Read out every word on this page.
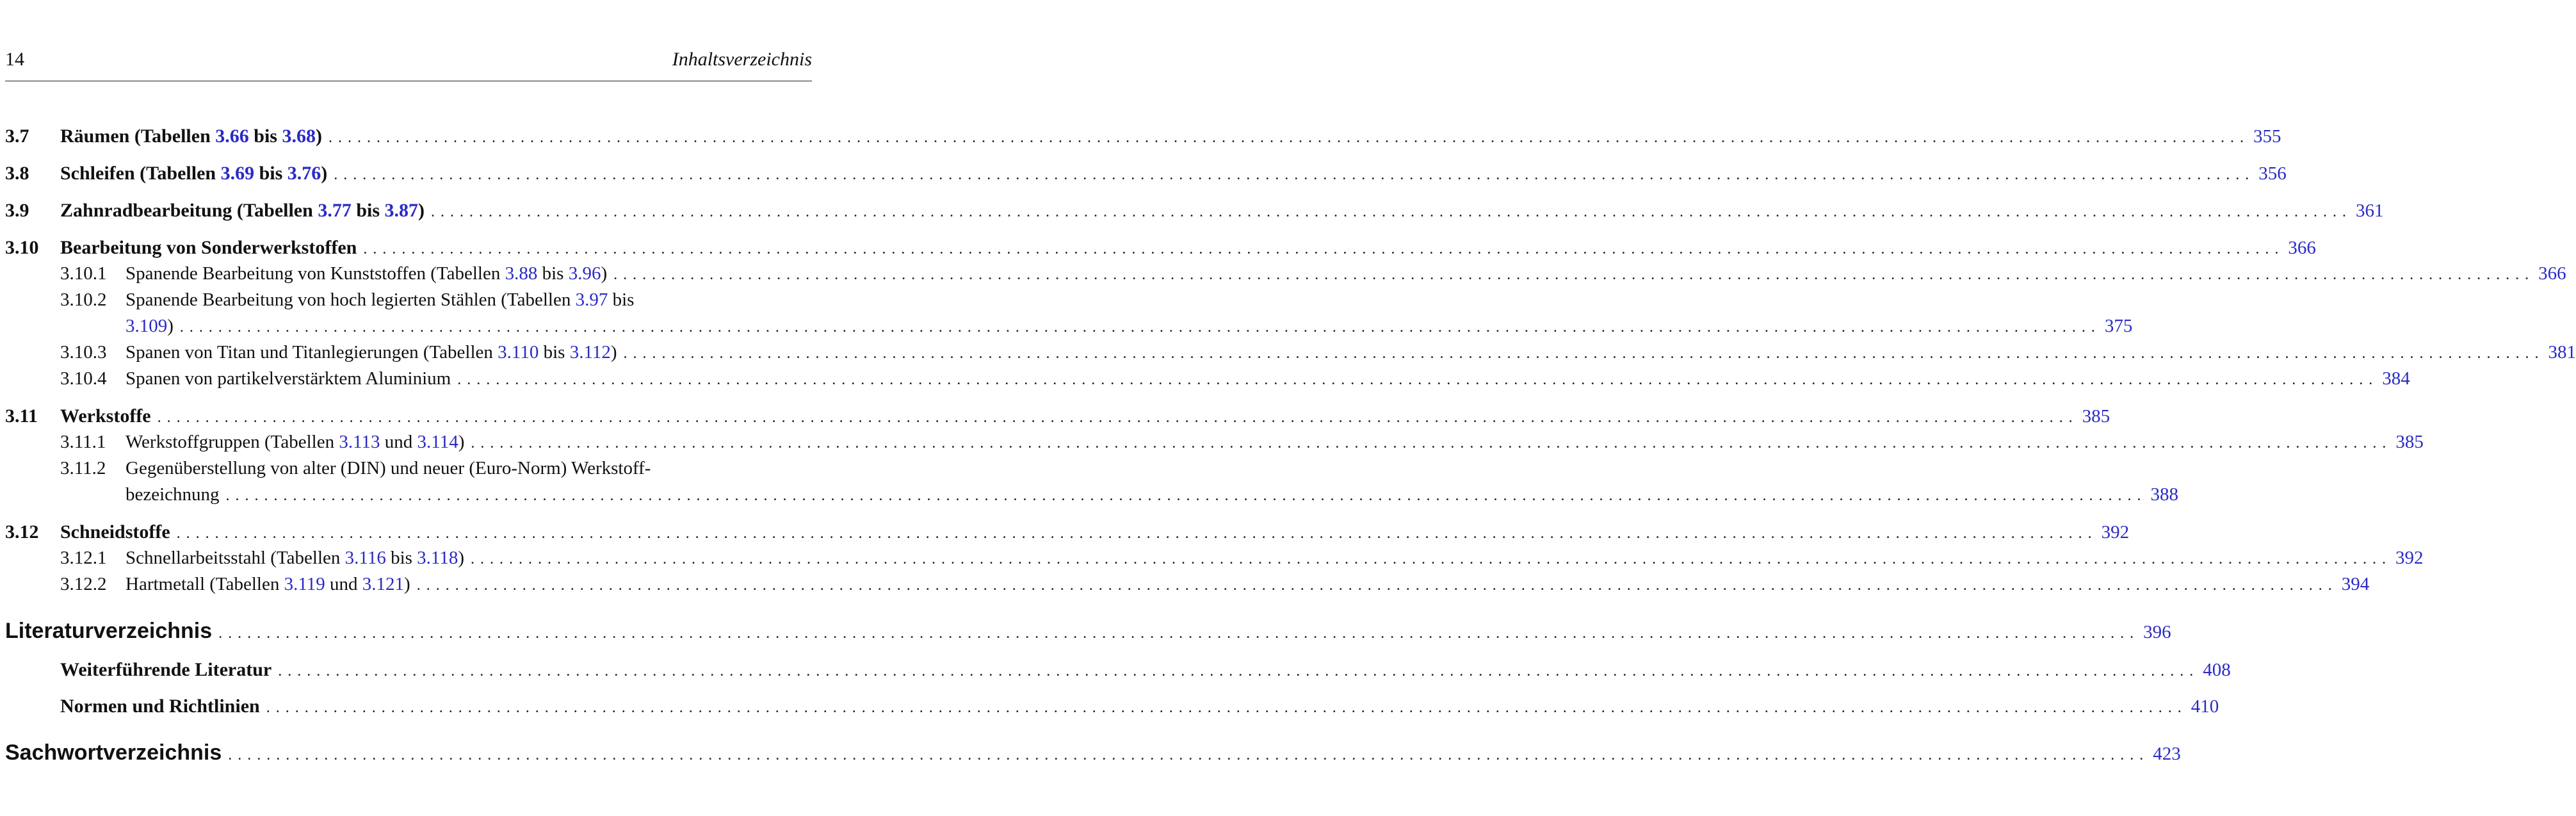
14	Inhaltsverzeichnis
3.7	Räumen (Tabellen 3.66 bis 3.68) ........................................................................................................................................................................................................ 355
3.8	Schleifen (Tabellen 3.69 bis 3.76) ........................................................................................................................................................................................................ 356
3.9	Zahnradbearbeitung (Tabellen 3.77 bis 3.87) ........................................................................................................................................................................................................ 361
3.10	Bearbeitung von Sonderwerkstoffen ........................................................................................................................................................................................................ 366
3.10.1	Spanende Bearbeitung von Kunststoffen (Tabellen 3.88 bis 3.96) ........................................................................................................................................................................................................ 366
3.10.2	Spanende Bearbeitung von hoch legierten Stählen (Tabellen 3.97 bis
3.109) ........................................................................................................................................................................................................ 375
3.10.3	Spanen von Titan und Titanlegierungen (Tabellen 3.110 bis 3.112) ........................................................................................................................................................................................................ 381
3.10.4	Spanen von partikelverstärktem Aluminium ........................................................................................................................................................................................................ 384
3.11	Werkstoffe ........................................................................................................................................................................................................ 385
3.11.1	Werkstoffgruppen (Tabellen 3.113 und 3.114) ........................................................................................................................................................................................................ 385
3.11.2	Gegenüberstellung von alter (DIN) und neuer (Euro-Norm) Werkstoff-
bezeichnung ........................................................................................................................................................................................................ 388
3.12	Schneidstoffe ........................................................................................................................................................................................................ 392
3.12.1	Schnellarbeitsstahl (Tabellen 3.116 bis 3.118) ........................................................................................................................................................................................................ 392
3.12.2	Hartmetall (Tabellen 3.119 und 3.121) ........................................................................................................................................................................................................ 394
Literaturverzeichnis ........................................................................................................................................................................................................ 396
Weiterführende Literatur ........................................................................................................................................................................................................ 408
Normen und Richtlinien ........................................................................................................................................................................................................ 410
Sachwortverzeichnis ........................................................................................................................................................................................................ 423
